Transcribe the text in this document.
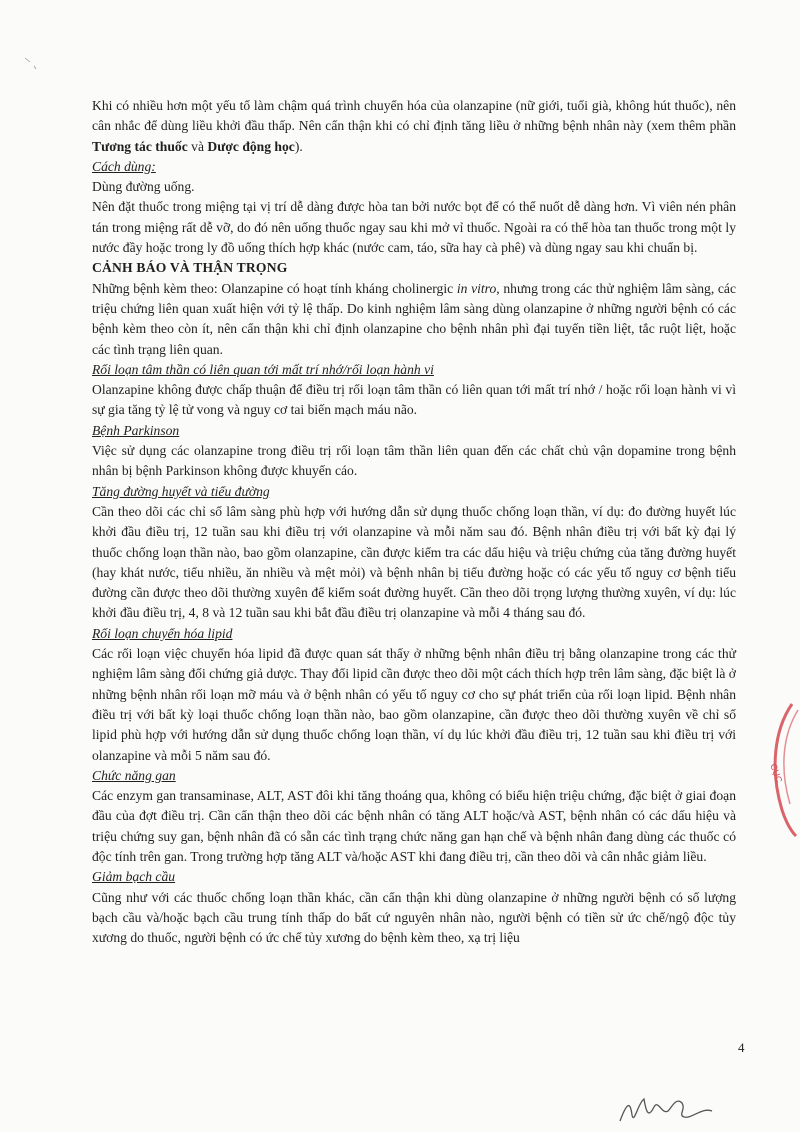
Khi có nhiều hơn một yếu tố làm chậm quá trình chuyển hóa của olanzapine (nữ giới, tuổi già, không hút thuốc), nên cân nhắc để dùng liều khởi đầu thấp. Nên cẩn thận khi có chỉ định tăng liều ở những bệnh nhân này (xem thêm phần Tương tác thuốc và Dược động học).

Cách dùng:

Dùng đường uống.

Nên đặt thuốc trong miệng tại vị trí dễ dàng được hòa tan bởi nước bọt để có thể nuốt dễ dàng hơn. Vì viên nén phân tán trong miệng rất dễ vỡ, do đó nên uống thuốc ngay sau khi mở vỉ thuốc. Ngoài ra có thể hòa tan thuốc trong một ly nước đầy hoặc trong ly đồ uống thích hợp khác (nước cam, táo, sữa hay cà phê) và dùng ngay sau khi chuẩn bị.

CẢNH BÁO VÀ THẬN TRỌNG

Những bệnh kèm theo: Olanzapine có hoạt tính kháng cholinergic in vitro, nhưng trong các thử nghiệm lâm sàng, các triệu chứng liên quan xuất hiện với tỷ lệ thấp. Do kinh nghiệm lâm sàng dùng olanzapine ở những người bệnh có các bệnh kèm theo còn ít, nên cẩn thận khi chỉ định olanzapine cho bệnh nhân phì đại tuyến tiền liệt, tắc ruột liệt, hoặc các tình trạng liên quan.

Rối loạn tâm thần có liên quan tới mất trí nhớ/rối loạn hành vi

Olanzapine không được chấp thuận để điều trị rối loạn tâm thần có liên quan tới mất trí nhớ / hoặc rối loạn hành vi vì sự gia tăng tỷ lệ tử vong và nguy cơ tai biến mạch máu não.

Bệnh Parkinson

Việc sử dụng các olanzapine trong điều trị rối loạn tâm thần liên quan đến các chất chủ vận dopamine trong bệnh nhân bị bệnh Parkinson không được khuyến cáo.

Tăng đường huyết và tiểu đường

Cần theo dõi các chỉ số lâm sàng phù hợp với hướng dẫn sử dụng thuốc chống loạn thần, ví dụ: đo đường huyết lúc khởi đầu điều trị, 12 tuần sau khi điều trị với olanzapine và mỗi năm sau đó. Bệnh nhân điều trị với bất kỳ đại lý thuốc chống loạn thần nào, bao gồm olanzapine, cần được kiểm tra các dấu hiệu và triệu chứng của tăng đường huyết (hay khát nước, tiểu nhiều, ăn nhiều và mệt mỏi) và bệnh nhân bị tiểu đường hoặc có các yếu tố nguy cơ bệnh tiểu đường cần được theo dõi thường xuyên để kiểm soát đường huyết. Cần theo dõi trọng lượng thường xuyên, ví dụ: lúc khởi đầu điều trị, 4, 8 và 12 tuần sau khi bắt đầu điều trị olanzapine và mỗi 4 tháng sau đó.

Rối loạn chuyển hóa lipid

Các rối loạn việc chuyển hóa lipid đã được quan sát thấy ở những bệnh nhân điều trị bằng olanzapine trong các thử nghiệm lâm sàng đối chứng giả dược. Thay đổi lipid cần được theo dõi một cách thích hợp trên lâm sàng, đặc biệt là ở những bệnh nhân rối loạn mỡ máu và ở bệnh nhân có yếu tố nguy cơ cho sự phát triển của rối loạn lipid. Bệnh nhân điều trị với bất kỳ loại thuốc chống loạn thần nào, bao gồm olanzapine, cần được theo dõi thường xuyên về chỉ số lipid phù hợp với hướng dẫn sử dụng thuốc chống loạn thần, ví dụ lúc khởi đầu điều trị, 12 tuần sau khi điều trị với olanzapine và mỗi 5 năm sau đó.

Chức năng gan

Các enzym gan transaminase, ALT, AST đôi khi tăng thoáng qua, không có biểu hiện triệu chứng, đặc biệt ở giai đoạn đầu của đợt điều trị. Cần cẩn thận theo dõi các bệnh nhân có tăng ALT hoặc/và AST, bệnh nhân có các dấu hiệu và triệu chứng suy gan, bệnh nhân đã có sẵn các tình trạng chức năng gan hạn chế và bệnh nhân đang dùng các thuốc có độc tính trên gan. Trong trường hợp tăng ALT và/hoặc AST khi đang điều trị, cần theo dõi và cân nhắc giảm liều.

Giảm bạch cầu

Cũng như với các thuốc chống loạn thần khác, cần cẩn thận khi dùng olanzapine ở những người bệnh có số lượng bạch cầu và/hoặc bạch cầu trung tính thấp do bất cứ nguyên nhân nào, người bệnh có tiền sử ức chế/ngộ độc tủy xương do thuốc, người bệnh có ức chế tủy xương do bệnh kèm theo, xạ trị liệu

CỤC
4
